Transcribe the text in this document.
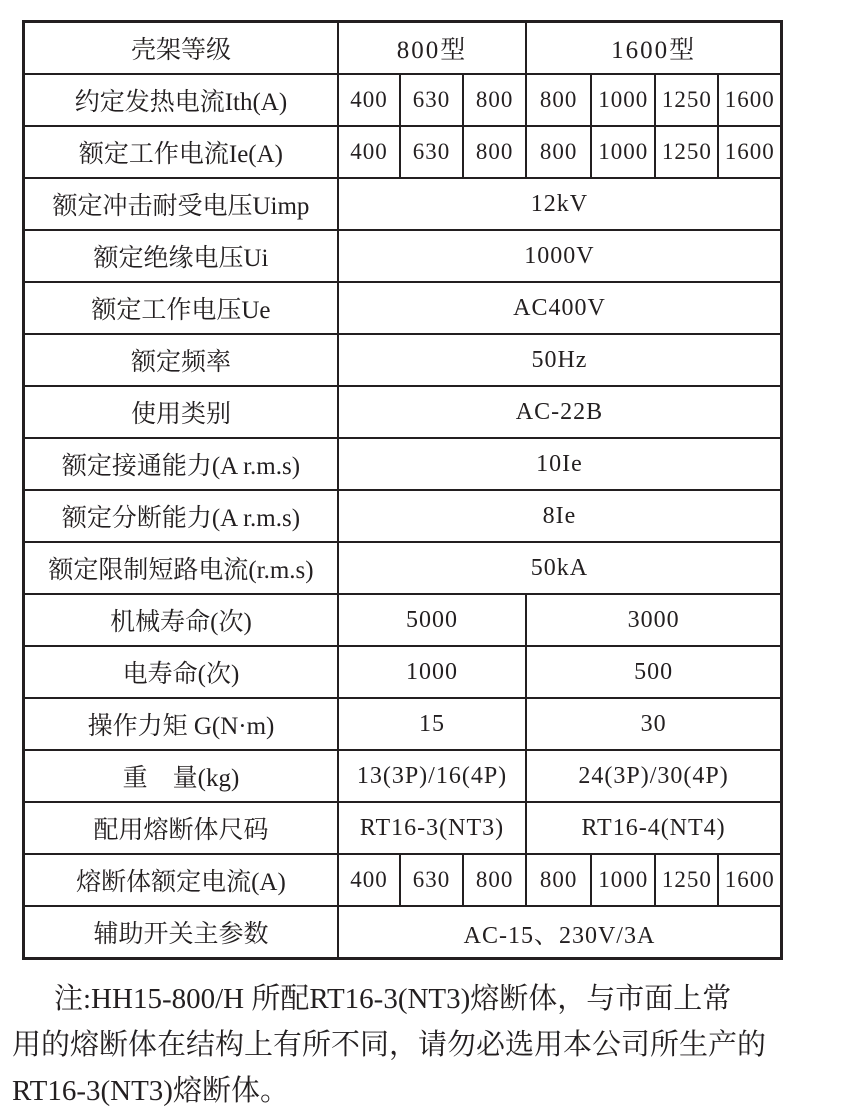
壳架等级	800型			1600型			
约定发热电流Ith(A)	400	630	800	800	1000	1250	1600
额定工作电流Ie(A)	400	630	800	800	1000	1250	1600
额定冲击耐受电压Uimp	12kV						
额定绝缘电压Ui	1000V						
额定工作电压Ue	AC400V						
额定频率	50Hz						
使用类别	AC-22B						
额定接通能力(A r.m.s)	10Ie						
额定分断能力(A r.m.s)	8Ie						
额定限制短路电流(r.m.s)	50kA						
机械寿命(次)	5000			3000			
电寿命(次)	1000			500			
操作力矩 G(N·m)	15			30			
重　量(kg)	13(3P)/16(4P)			24(3P)/30(4P)			
配用熔断体尺码	RT16-3(NT3)			RT16-4(NT4)			
熔断体额定电流(A)	400	630	800	800	1000	1250	1600
辅助开关主参数	AC-15、230V/3A						
注:HH15-800/H 所配RT16-3(NT3)熔断体，与市面上常
用的熔断体在结构上有所不同，请勿必选用本公司所生产的
RT16-3(NT3)熔断体。
